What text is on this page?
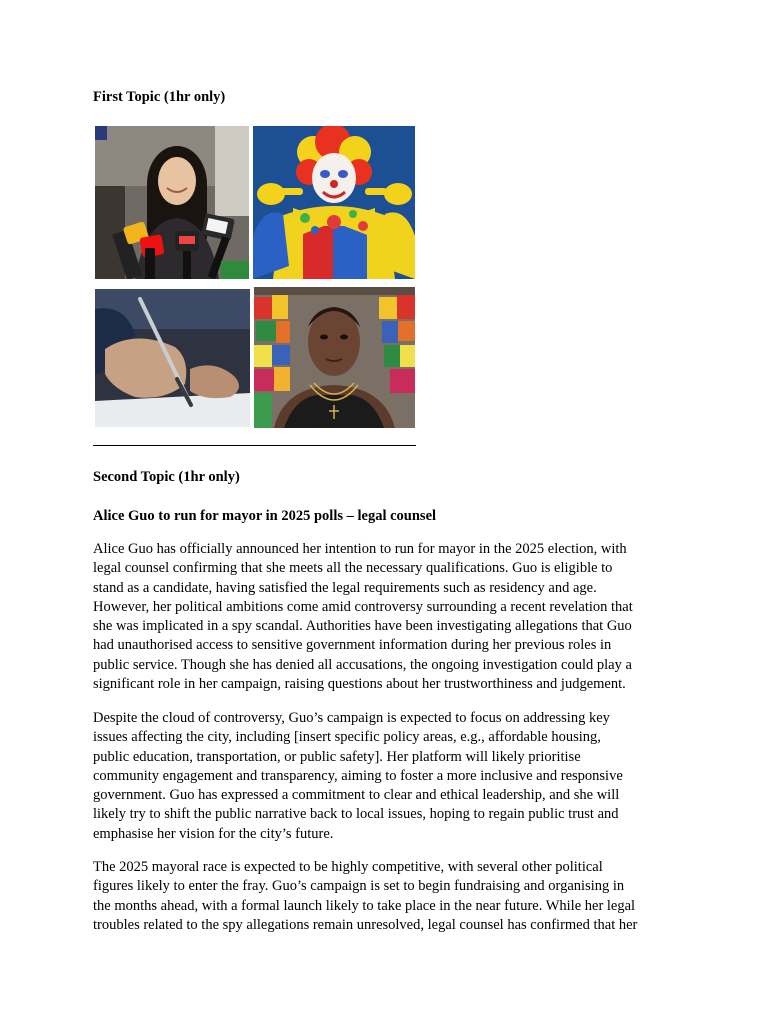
First Topic (1hr only)
Second Topic (1hr only)
Alice Guo to run for mayor in 2025 polls – legal counsel
Alice Guo has officially announced her intention to run for mayor in the 2025 election, with
legal counsel confirming that she meets all the necessary qualifications. Guo is eligible to
stand as a candidate, having satisfied the legal requirements such as residency and age.
However, her political ambitions come amid controversy surrounding a recent revelation that
she was implicated in a spy scandal. Authorities have been investigating allegations that Guo
had unauthorised access to sensitive government information during her previous roles in
public service. Though she has denied all accusations, the ongoing investigation could play a
significant role in her campaign, raising questions about her trustworthiness and judgement.
Despite the cloud of controversy, Guo’s campaign is expected to focus on addressing key
issues affecting the city, including [insert specific policy areas, e.g., affordable housing,
public education, transportation, or public safety]. Her platform will likely prioritise
community engagement and transparency, aiming to foster a more inclusive and responsive
government. Guo has expressed a commitment to clear and ethical leadership, and she will
likely try to shift the public narrative back to local issues, hoping to regain public trust and
emphasise her vision for the city’s future.
The 2025 mayoral race is expected to be highly competitive, with several other political
figures likely to enter the fray. Guo’s campaign is set to begin fundraising and organising in
the months ahead, with a formal launch likely to take place in the near future. While her legal
troubles related to the spy allegations remain unresolved, legal counsel has confirmed that her
